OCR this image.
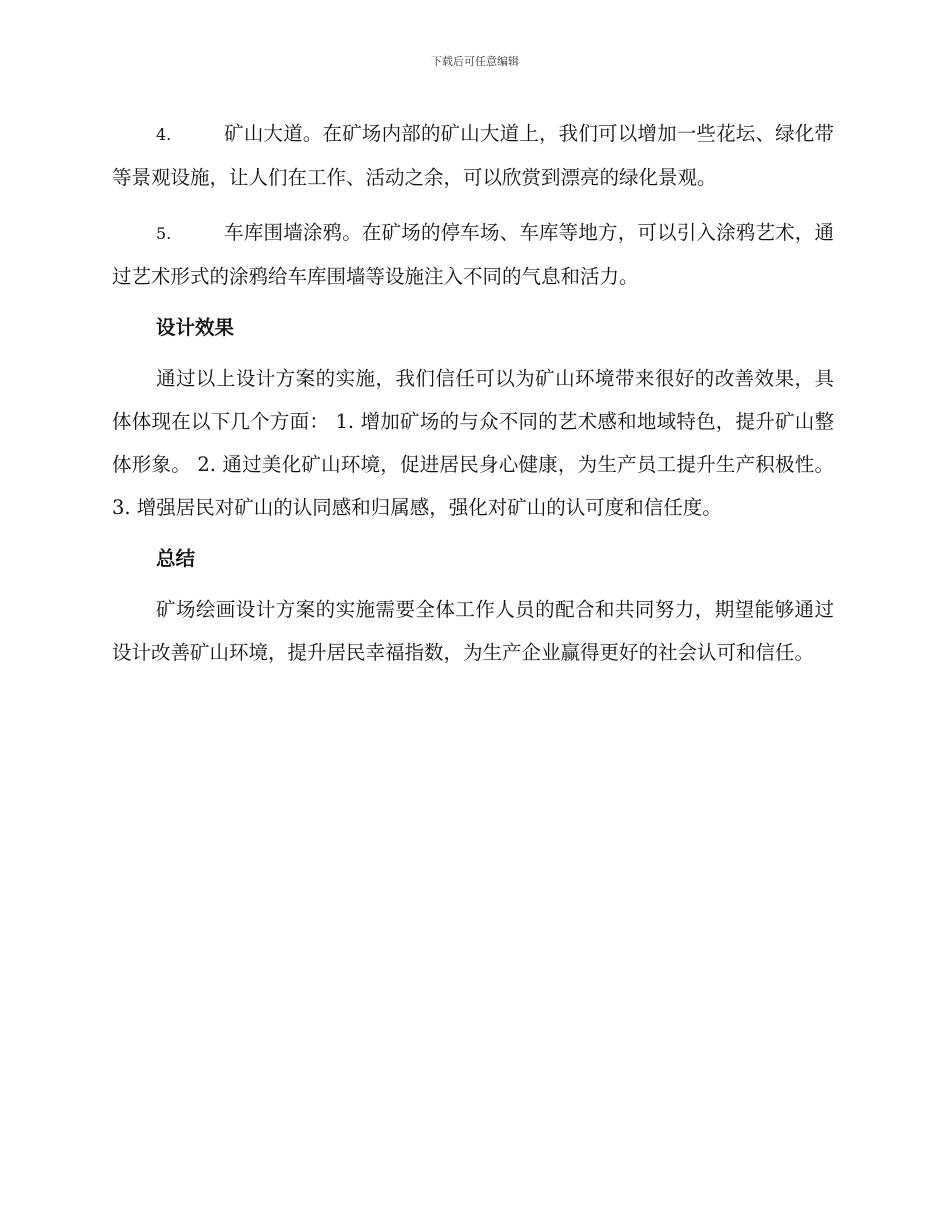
下载后可任意编辑

4.	矿山大道。在矿场内部的矿山大道上，我们可以增加一些花坛、绿化带等景观设施，让人们在工作、活动之余，可以欣赏到漂亮的绿化景观。

5.	车库围墙涂鸦。在矿场的停车场、车库等地方，可以引入涂鸦艺术，通过艺术形式的涂鸦给车库围墙等设施注入不同的气息和活力。

设计效果

通过以上设计方案的实施，我们信任可以为矿山环境带来很好的改善效果，具体体现在以下几个方面： 1. 增加矿场的与众不同的艺术感和地域特色，提升矿山整体形象。 2. 通过美化矿山环境，促进居民身心健康，为生产员工提升生产积极性。 3. 增强居民对矿山的认同感和归属感，强化对矿山的认可度和信任度。

总结

矿场绘画设计方案的实施需要全体工作人员的配合和共同努力，期望能够通过设计改善矿山环境，提升居民幸福指数，为生产企业赢得更好的社会认可和信任。
